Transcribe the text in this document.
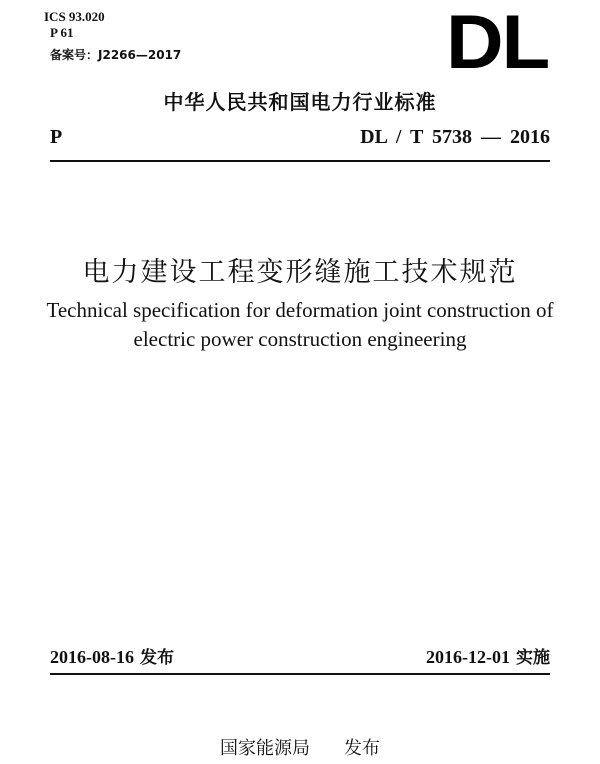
ICS 93.020
P 61
备案号：J2266—2017	DL
中华人民共和国电力行业标准
P	DL / T 5738 — 2016
电力建设工程变形缝施工技术规范
Technical specification for deformation joint construction of
electric power construction engineering
2016-08-16 发布	2016-12-01 实施
国家能源局 发布
